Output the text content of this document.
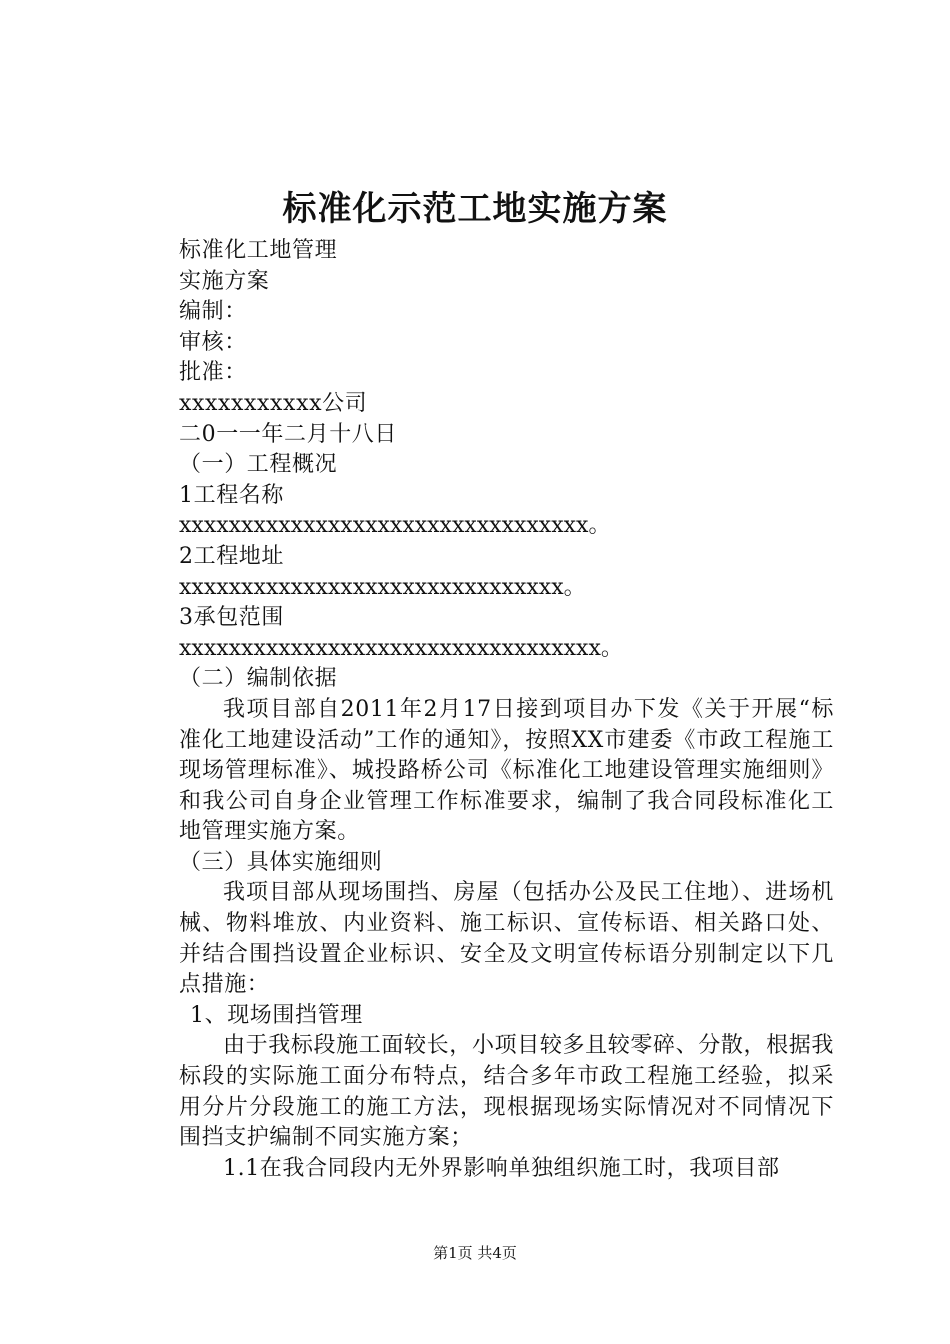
标准化示范工地实施方案
标准化工地管理
实施方案
编制：
审核：
批准：
xxxxxxxxxxx公司
二0一一年二月十八日
（一）工程概况
1工程名称
xxxxxxxxxxxxxxxxxxxxxxxxxxxxxxxxx。
2工程地址
xxxxxxxxxxxxxxxxxxxxxxxxxxxxxxx。
3承包范围
xxxxxxxxxxxxxxxxxxxxxxxxxxxxxxxxxx。
（二）编制依据
我项目部自2011年2月17日接到项目办下发《关于开展“标准化工地建设活动”工作的通知》，按照XX市建委《市政工程施工现场管理标准》、城投路桥公司《标准化工地建设管理实施细则》和我公司自身企业管理工作标准要求，编制了我合同段标准化工地管理实施方案。
（三）具体实施细则
我项目部从现场围挡、房屋（包括办公及民工住地）、进场机械、物料堆放、内业资料、施工标识、宣传标语、相关路口处、并结合围挡设置企业标识、安全及文明宣传标语分别制定以下几点措施：
1、现场围挡管理
由于我标段施工面较长，小项目较多且较零碎、分散，根据我标段的实际施工面分布特点，结合多年市政工程施工经验，拟采用分片分段施工的施工方法，现根据现场实际情况对不同情况下围挡支护编制不同实施方案；
1.1在我合同段内无外界影响单独组织施工时，我项目部
第1页 共4页
